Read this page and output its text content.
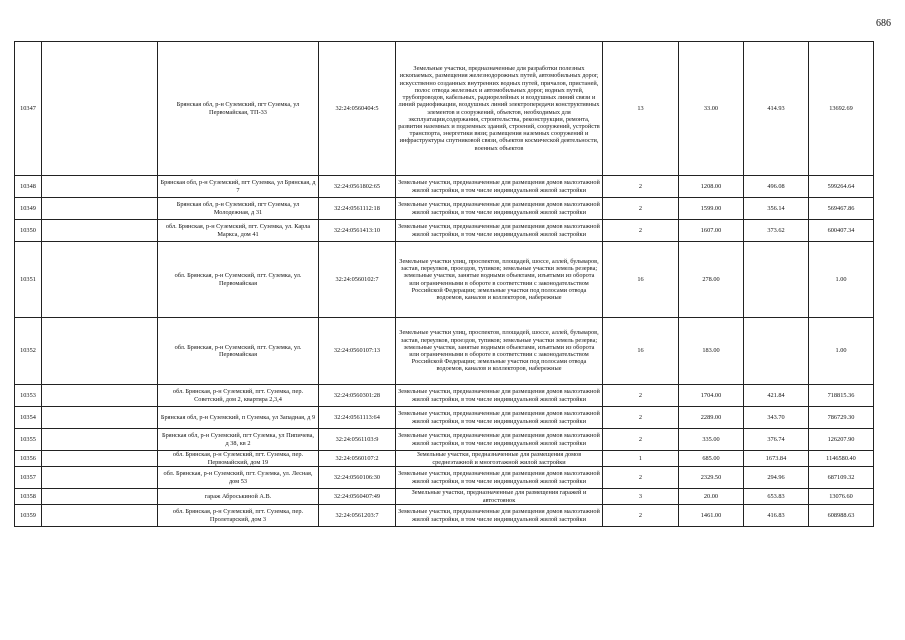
686
10347		Брянская обл, р-н Суземский, пгт Суземка, ул Первомайская, ТП-33	32:24:0560404:5	Земельные участки, предназначенные для разработки полезных ископаемых, размещения железнодорожных путей, автомобильных дорог, искусственно созданных внутренних водных путей, причалов, пристаней, полос отвода железных и автомобильных дорог, водных путей, трубопроводов, кабельных, радиорелейных и воздушных линий связи и линий радиофикации, воздушных линий электропередачи конструктивных элементов и сооружений, объектов, необходимых для эксплуатации,содержания, строительства, реконструкции, ремонта, развития наземных и подземных зданий, строений, сооружений, устройств транспорта, энергетики вязи; размещения наземных сооружений и инфраструктуры спутниковой связи, объектов космической деятельности, военных объектов	13	33.00	414.93	13692.69
10348		Брянская обл, р-н Суземский, пгт Суземка, ул Брянская, д 7	32:24:0561802:65	Земельные участки, предназначенные для размещения домов малоэтажной жилой застройки, в том числе индивидуальной жилой застройки	2	1208.00	496.08	599264.64
10349		Брянская обл, р-н Суземский, пгт Суземка, ул Молодежная, д 31	32:24:0561112:18	Земельные участки, предназначенные для размещения домов малоэтажной жилой застройки, в том числе индивидуальной жилой застройки	2	1599.00	356.14	569467.86
10350		обл. Брянская, р-н Суземский, пгт. Суземка, ул. Карла Маркса, дом 41	32:24:0561413:10	Земельные участки, предназначенные для размещения домов малоэтажной жилой застройки, в том числе индивидуальной жилой застройки	2	1607.00	373.62	600407.34
10351		обл. Брянская, р-н Суземский, пгт. Суземка, ул. Первомайская	32:24:0560102:7	Земельные участки улиц, проспектов, площадей, шоссе, аллей, бульваров, застав, переулков, проездов, тупиков; земельные участки земель резерва; земельные участки, занятые водными объектами, изъятыми из оборота или ограниченными в обороте в соответствии с законодательством Российской Федерации; земельные участки под полосами отвода водоемов, каналов и коллекторов, набережные	16	278.00		1.00
10352		обл. Брянская, р-н Суземский, пгт. Суземка, ул. Первомайская	32:24:0560107:13	Земельные участки улиц, проспектов, площадей, шоссе, аллей, бульваров, застав, переулков, проездов, тупиков; земельные участки земель резерва; земельные участки, занятые водными объектами, изъятыми из оборота или ограниченными в обороте в соответствии с законодательством Российской Федерации; земельные участки под полосами отвода водоемов, каналов и коллекторов, набережные	16	183.00		1.00
10353		обл. Брянская, р-н Суземский, пгт. Суземка, пер. Советский, дом 2, квартира 2,3,4	32:24:0560301:28	Земельные участки, предназначенные для размещения домов малоэтажной жилой застройки, в том числе индивидуальной жилой застройки	2	1704.00	421.84	718815.36
10354		Брянская обл, р-н Суземский, п Суземка, ул Западная, д 9	32:24:0561113:64	Земельные участки, предназначенные для размещения домов малоэтажной жилой застройки, в том числе индивидуальной жилой застройки	2	2289.00	343.70	786729.30
10355		Брянская обл, р-н Суземский, пгт Суземка, ул Пипичева, д 38, кв 2	32:24:0561103:9	Земельные участки, предназначенные для размещения домов малоэтажной жилой застройки, в том числе индивидуальной жилой застройки	2	335.00	376.74	126207.90
10356		обл. Брянская, р-н Суземский, пгт. Суземка, пер. Первомайский, дом 19	32:24:0560107:2	Земельные участки, предназначенные для размещения домов среднеэтажной и многоэтажной жилой застройки	1	685.00	1673.84	1146580.40
10357		обл. Брянская, р-н Суземский, пгт. Суземка, ул. Лесная, дом 53	32:24:0560106:30	Земельные участки, предназначенные для размещения домов малоэтажной жилой застройки, в том числе индивидуальной жилой застройки	2	2329.50	294.96	687109.32
10358		гараж Аброськиной А.В.	32:24:0560407:49	Земельные участки, предназначенные для размещения гаражей и автостоянок	3	20.00	653.83	13076.60
10359		обл. Брянская, р-н Суземский, пгт. Суземка, пер. Пролетарский, дом 3	32:24:0561203:7	Земельные участки, предназначенные для размещения домов малоэтажной жилой застройки, в том числе индивидуальной жилой застройки	2	1461.00	416.83	608988.63
